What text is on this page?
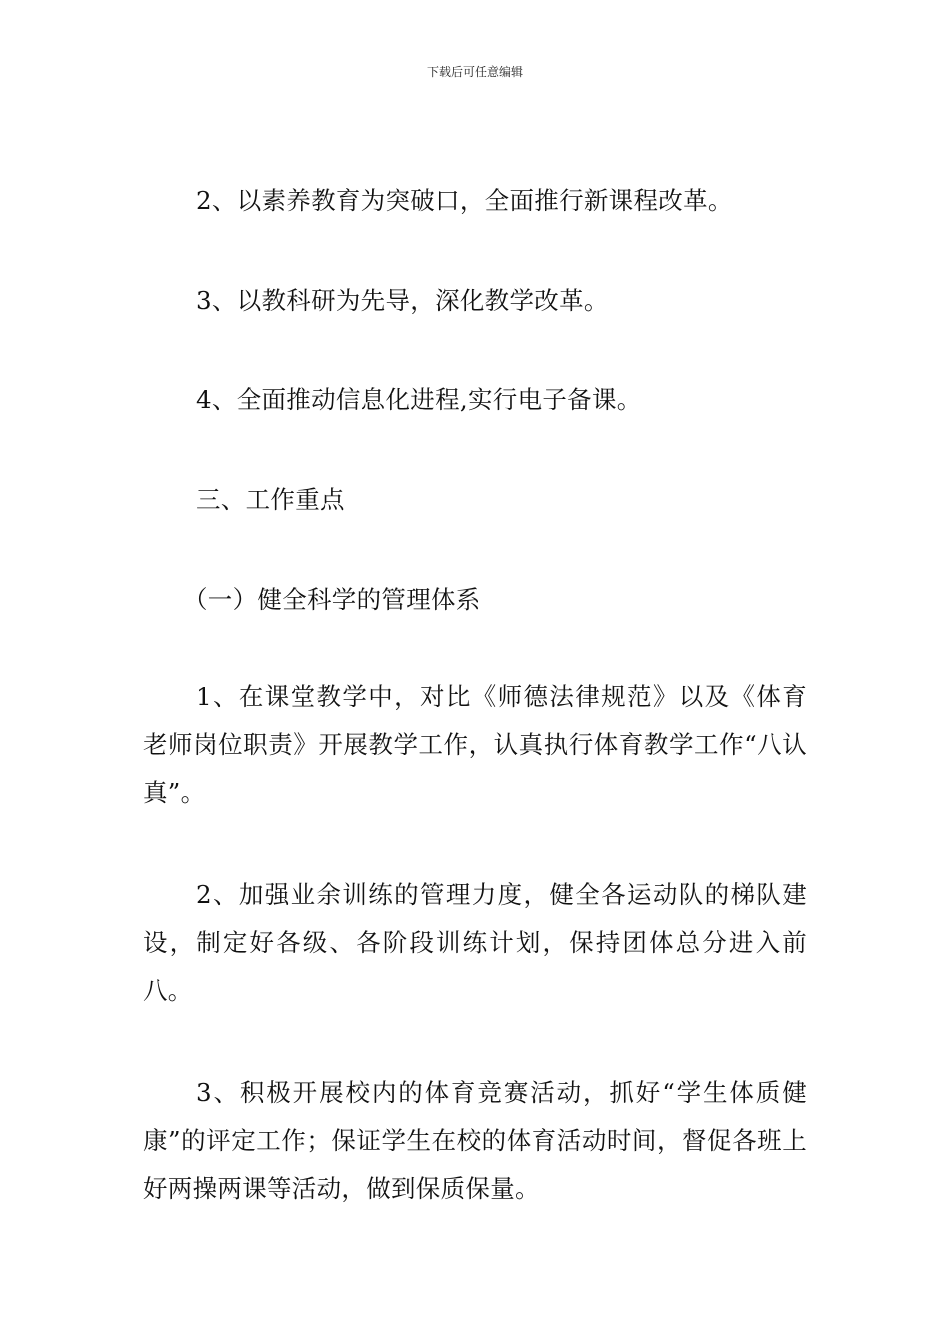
下载后可任意编辑

2、以素养教育为突破口，全面推行新课程改革。

3、以教科研为先导，深化教学改革。

4、全面推动信息化进程,实行电子备课。

三、工作重点

（一）健全科学的管理体系

1、在课堂教学中，对比《师德法律规范》以及《体育老师岗位职责》开展教学工作，认真执行体育教学工作“八认真”。

2、加强业余训练的管理力度，健全各运动队的梯队建设，制定好各级、各阶段训练计划，保持团体总分进入前八。

3、积极开展校内的体育竞赛活动，抓好“学生体质健康”的评定工作；保证学生在校的体育活动时间，督促各班上好两操两课等活动，做到保质保量。
